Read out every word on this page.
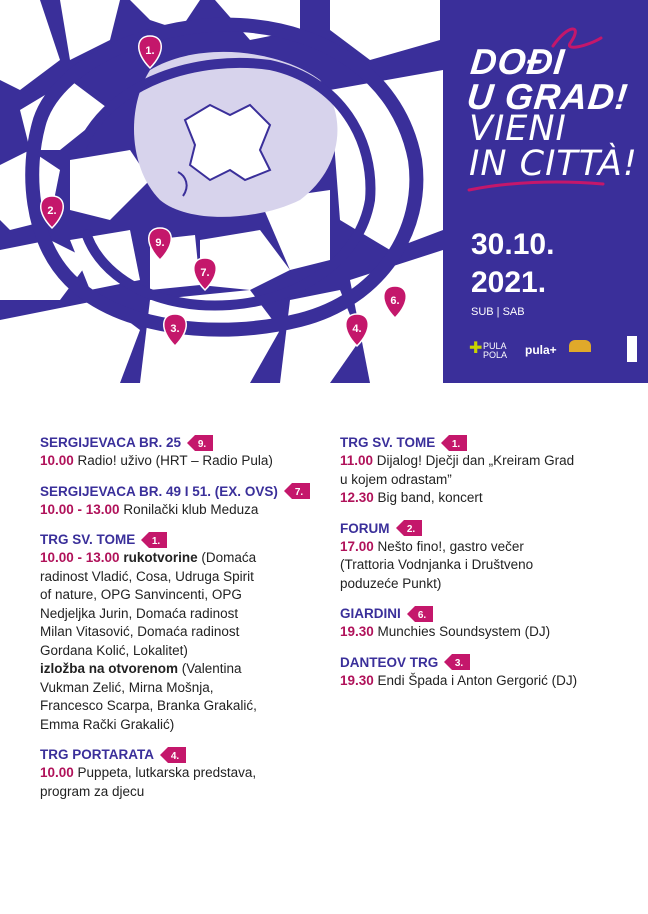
1.
2.
3.	4.
6.
7.
9.
DOĐI
U GRAD!
VIENI
IN CITTÀ!
30.10.
2021.
SUB | SAB
✚ PULA POLA	pula+
SERGIJEVACA BR. 25 9.
10.00 Radio! uživo (HRT – Radio Pula)
SERGIJEVACA BR. 49 I 51. (EX. OVS) 7.
10.00 - 13.00 Ronilački klub Meduza
TRG SV. TOME 1.
10.00 - 13.00 rukotvorine (Domaća
radinost Vladić, Cosa, Udruga Spirit
of nature, OPG Sanvincenti, OPG
Nedjeljka Jurin, Domaća radinost
Milan Vitasović, Domaća radinost
Gordana Kolić, Lokalitet)
izložba na otvorenom (Valentina
Vukman Zelić, Mirna Mošnja,
Francesco Scarpa, Branka Grakalić,
Emma Rački Grakalić)
TRG PORTARATA 4.
10.00 Puppeta, lutkarska predstava,
program za djecu
TRG SV. TOME 1.
11.00 Dijalog! Dječji dan „Kreiram Grad
u kojem odrastam”
12.30 Big band, koncert
FORUM 2.
17.00 Nešto fino!, gastro večer
(Trattoria Vodnjanka i Društveno
poduzeće Punkt)
GIARDINI 6.
19.30 Munchies Soundsystem (DJ)
DANTEOV TRG 3.
19.30 Endi Špada i Anton Gergorić (DJ)
